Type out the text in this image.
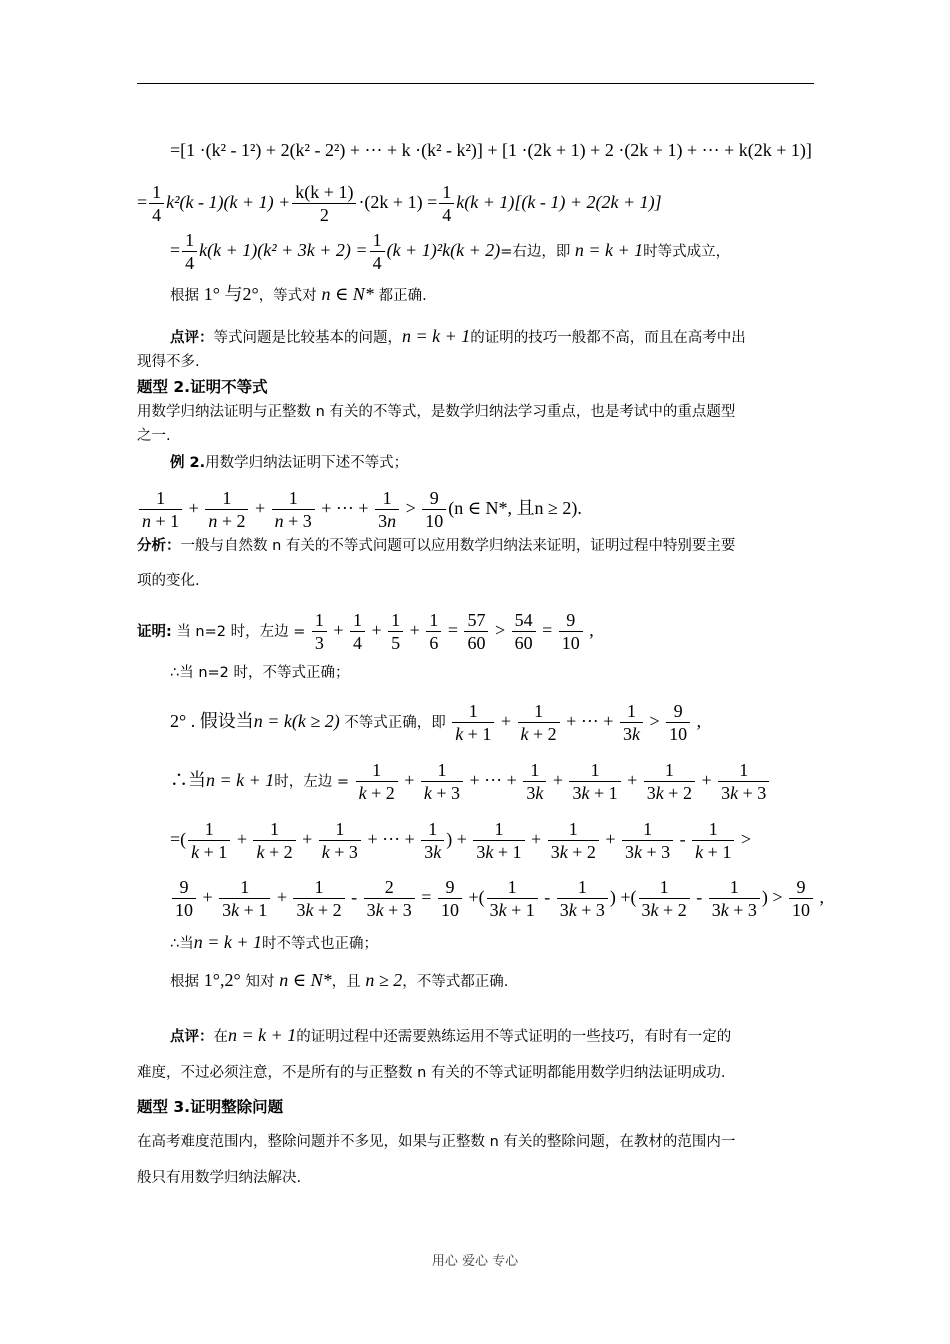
=[1 ·(k² - 1²) + 2(k² - 2²) + ··· + k ·(k² - k²)] + [1 ·(2k + 1) + 2 ·(2k + 1) + ··· + k(2k + 1)]
= $\frac{1}{4} k^2(k - 1)(k + 1) + \frac{k(k + 1)}{2} \cdot(2k + 1) = \frac{1}{4} k(k + 1)[(k - 1) + 2(2k + 1)]$
= $\frac{1}{4} k(k + 1)(k^2 + 3k + 2) = \frac{1}{4} (k + 1)^2k(k + 2)=$右边，即 n = k + 1时等式成立，
根据 1° 与2°，等式对 n ∈ N* 都正确.
点评：等式问题是比较基本的问题，n = k + 1的证明的技巧一般都不高，而且在高考中出
现得不多.
题型 2.证明不等式
用数学归纳法证明与正整数 n 有关的不等式，是数学归纳法学习重点，也是考试中的重点题型
之一.
例 2.用数学归纳法证明下述不等式；
$\frac{1}{n + 1} + \frac{1}{n + 2} + \frac{1}{n + 3}$ + ··· + $\frac{1}{3n} > \frac{9}{10} (n$ ∈ N*, 且n ≥ 2).
分析：一般与自然数 n 有关的不等式问题可以应用数学归纳法来证明，证明过程中特别要主要
项的变化.
证明: 当 n=2 时，左边 = $\frac{1}{3} + \frac{1}{4} + \frac{1}{5} + \frac{1}{6} = \frac{57}{60} > \frac{54}{60} = \frac{9}{10}$ ,
∴当 n=2 时，不等式正确；
2° . 假设当n = k(k ≥ 2) 不等式正确，即 $\frac{1}{k + 1} + \frac{1}{k + 2}$ + ··· + $\frac{1}{3k} > \frac{9}{10}$ ,
∴当n = k + 1时，左边 = $\frac{1}{k + 2} + \frac{1}{k + 3}$ + ··· + $\frac{1}{3k} + \frac{1}{3k + 1} + \frac{1}{3k + 2} + \frac{1}{3k + 3}$
=( $\frac{1}{k + 1} + \frac{1}{k + 2} + \frac{1}{k + 3}$ + ··· + $\frac{1}{3k}$ ) + $\frac{1}{3k + 1} + \frac{1}{3k + 2} + \frac{1}{3k + 3} - \frac{1}{k + 1}$ >
$\frac{9}{10} + \frac{1}{3k + 1} + \frac{1}{3k + 2} - \frac{2}{3k + 3} = \frac{9}{10}$ +( $\frac{1}{3k + 1} - \frac{1}{3k + 3}$ ) +( $\frac{1}{3k + 2} - \frac{1}{3k + 3}$ ) > $\frac{9}{10}$ ,
∴当n = k + 1时不等式也正确；
根据 1°,2° 知对 n ∈ N*，且 n ≥ 2，不等式都正确.
点评：在n = k + 1的证明过程中还需要熟练运用不等式证明的一些技巧，有时有一定的
难度，不过必须注意，不是所有的与正整数 n 有关的不等式证明都能用数学归纳法证明成功.
题型 3.证明整除问题
在高考难度范围内，整除问题并不多见，如果与正整数 n 有关的整除问题，在教材的范围内一
般只有用数学归纳法解决.
用心 爱心 专心
